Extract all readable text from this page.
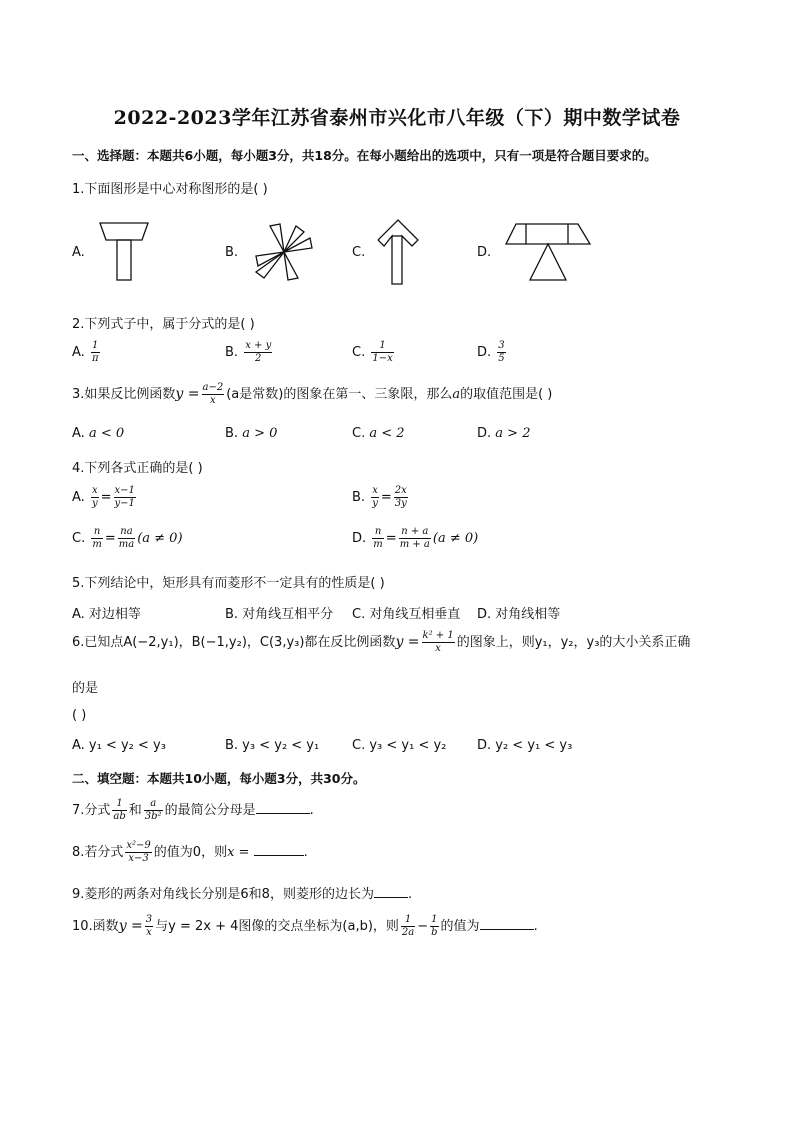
2022-2023学年江苏省泰州市兴化市八年级（下）期中数学试卷
一、选择题：本题共6小题，每小题3分，共18分。在每小题给出的选项中，只有一项是符合题目要求的。
1.下面图形是中心对称图形的是( )
A.	B.	C.	D.
2.下列式子中，属于分式的是( )
A. $\frac{1}{\pi}$	B. $\frac{x + y}{2}$	C. $\frac{1}{1-x}$	D. $\frac{3}{5}$
3.如果反比例函数$y = \frac{a-2}{x} (a$是常数)的图象在第一、三象限，那么a的取值范围是( )
A. a < 0	B. a > 0	C. a < 2	D. a > 2
4.下列各式正确的是( )
A. $\frac{x}{y} = \frac{x-1}{y-1}$	B. $\frac{x}{y} = \frac{2x}{3y}$
C. $\frac{n}{m} = \frac{na}{ma} (a \ne 0)$	D. $\frac{n}{m} = \frac{n + a}{m + a} (a \ne 0)$
5.下列结论中，矩形具有而菱形不一定具有的性质是( )
A. 对边相等	B. 对角线互相平分 C. 对角线互相垂直 D. 对角线相等
6.已知点A(−2,y₁)，B(−1,y₂)，C(3,y₃)都在反比例函数$y = \frac{\text{k² + 1}}{x}$ 的图象上，则y₁，y₂，y₃的大小关系正确
的是
( )
A. y₁ < y₂ < y₃	B. y₃ < y₂ < y₁	C. y₃ < y₁ < y₂ D. y₂ < y₁ < y₃
二、填空题：本题共10小题，每小题3分，共30分。
7.分式 $\frac{1}{ab}$ 和 $\frac{a}{\text{3b²}}$ 的最简公分母是	.
8.若分式 $\frac{\text{x²−9}}{x-3}$ 的值为0，则x =	.
9.菱形的两条对角线长分别是6和8，则菱形的边长为	.
10.函数$y = \frac{3}{x}$ 与y = 2x + 4图像的交点坐标为(a,b)，则 $\frac{1}{2a} - \frac{1}{b}$ 的值为	.
